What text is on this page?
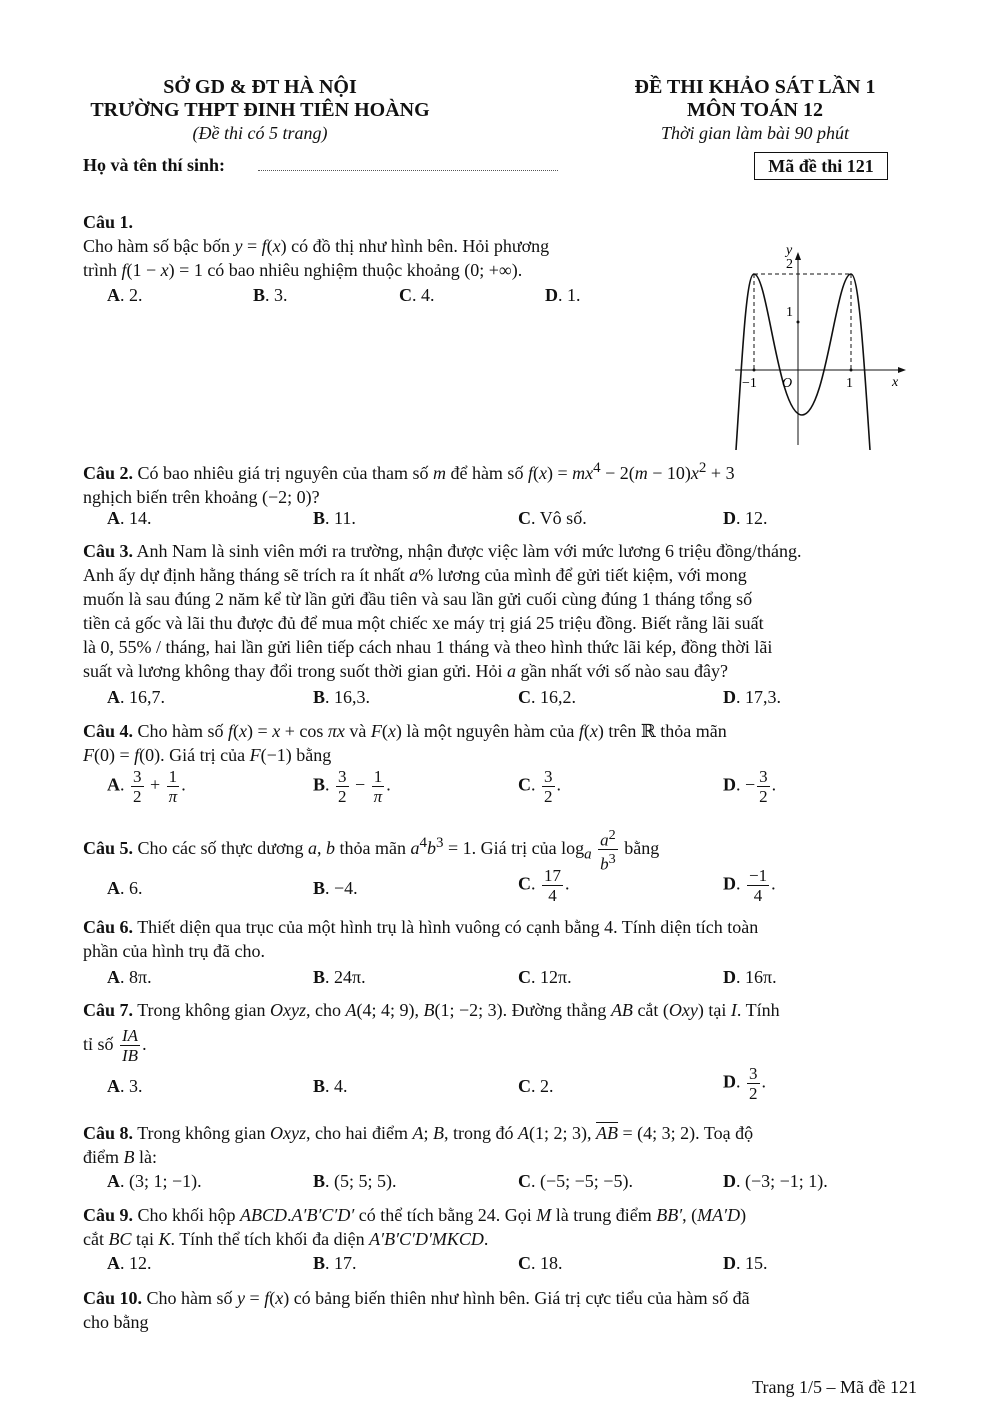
SỞ GD & ĐT HÀ NỘI
TRƯỜNG THPT ĐINH TIÊN HOÀNG
(Đề thi có 5 trang)
ĐỀ THI KHẢO SÁT LẦN 1
MÔN TOÁN 12
Thời gian làm bài 90 phút
Họ và tên thí sinh:	Mã đề thi 121
Câu 1.
Cho hàm số bậc bốn y = f(x) có đồ thị như hình bên. Hỏi phương
trình f(1 − x) = 1 có bao nhiêu nghiệm thuộc khoảng (0; +∞).
A. 2.	B. 3.	C. 4.	D. 1.
y
x
2
1
−1 O	1
Câu 2. Có bao nhiêu giá trị nguyên của tham số m để hàm số $f(x) = mx^4 - 2(m - 10)x^2 + 3$
nghịch biến trên khoảng (−2; 0)?
A. 14.	B. 11.	C. Vô số.	D. 12.
Câu 3. Anh Nam là sinh viên mới ra trường, nhận được việc làm với mức lương 6 triệu đồng/tháng.
Anh ấy dự định hằng tháng sẽ trích ra ít nhất a% lương của mình để gửi tiết kiệm, với mong
muốn là sau đúng 2 năm kể từ lần gửi đầu tiên và sau lần gửi cuối cùng đúng 1 tháng tổng số
tiền cả gốc và lãi thu được đủ để mua một chiếc xe máy trị giá 25 triệu đồng. Biết rằng lãi suất
là 0, 55% / tháng, hai lần gửi liên tiếp cách nhau 1 tháng và theo hình thức lãi kép, đồng thời lãi
suất và lương không thay đổi trong suốt thời gian gửi. Hỏi a gần nhất với số nào sau đây?
A. 16,7.	B. 16,3.	C. 16,2.	D. 17,3.
Câu 4. Cho hàm số f(x) = x + cos πx và F(x) là một nguyên hàm của f(x) trên ℝ thỏa mãn
F(0) = f(0). Giá trị của F(−1) bằng
A. $\frac{3}{2} + \frac{1}{\pi}$ .	B. $\frac{3}{2} - \frac{1}{\pi}$ .	C. $\frac{3}{2}$ .	D. − $\frac{3}{2}$ .
Câu 5. Cho các số thực dương a, b thỏa mãn $a^4b^3 = 1$. Giá trị của $\log_a \frac{a^2}{b^3}$ bằng
A. 6.	B. −4.	C. $\frac{17}{4}$ .	D. $\frac{-1}{4}$ .
Câu 6. Thiết diện qua trục của một hình trụ là hình vuông có cạnh bằng 4. Tính diện tích toàn
phần của hình trụ đã cho.
A. 8π.	B. 24π.	C. 12π.	D. 16π.
Câu 7. Trong không gian Oxyz, cho A(4; 4; 9), B(1; −2; 3). Đường thẳng AB cắt (Oxy) tại I. Tính
tỉ số $\frac{IA}{IB}$ .
A. 3.	B. 4.	C. 2.	D. $\frac{3}{2}$ .
Câu 8. Trong không gian Oxyz, cho hai điểm A; B, trong đó A(1; 2; 3), $\overline{AB} = (4$; 3; 2). Toạ độ
điểm B là:
A. (3; 1; −1).	B. (5; 5; 5).	C. (−5; −5; −5).	D. (−3; −1; 1).
Câu 9. Cho khối hộp ABCD.A′B′C′D′ có thể tích bằng 24. Gọi M là trung điểm BB′, (MA′D)
cắt BC tại K. Tính thể tích khối đa diện A′B′C′D′MKCD.
A. 12.	B. 17.	C. 18.	D. 15.
Câu 10. Cho hàm số y = f(x) có bảng biến thiên như hình bên. Giá trị cực tiểu của hàm số đã
cho bằng
Trang 1/5 – Mã đề 121
